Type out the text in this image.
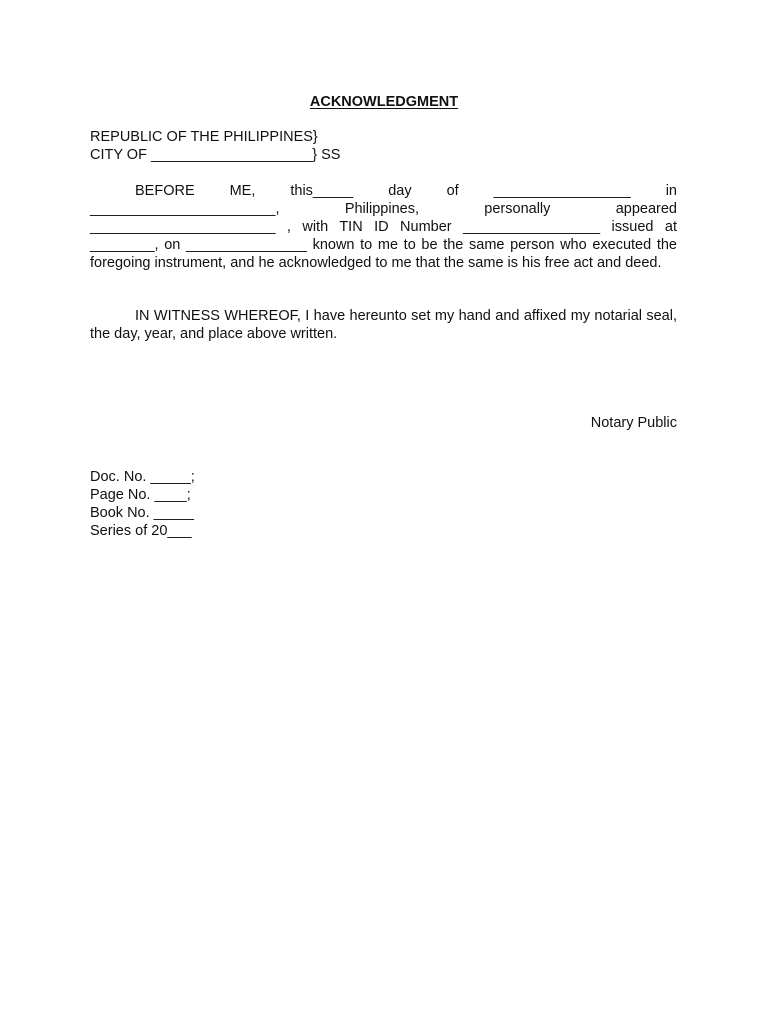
ACKNOWLEDGMENT
REPUBLIC OF THE PHILIPPINES}
CITY OF ____________________} SS

BEFORE ME, this_____ day of _________________ in _______________________, Philippines, personally appeared _______________________ , with TIN ID Number _________________ issued at ________, on _______________ known to me to be the same person who executed the foregoing instrument, and he acknowledged to me that the same is his free act and deed.

IN WITNESS WHEREOF, I have hereunto set my hand and affixed my notarial seal, the day, year, and place above written.

Notary Public
Doc. No. _____;
Page No. ____;
Book No. _____
Series of 20___
